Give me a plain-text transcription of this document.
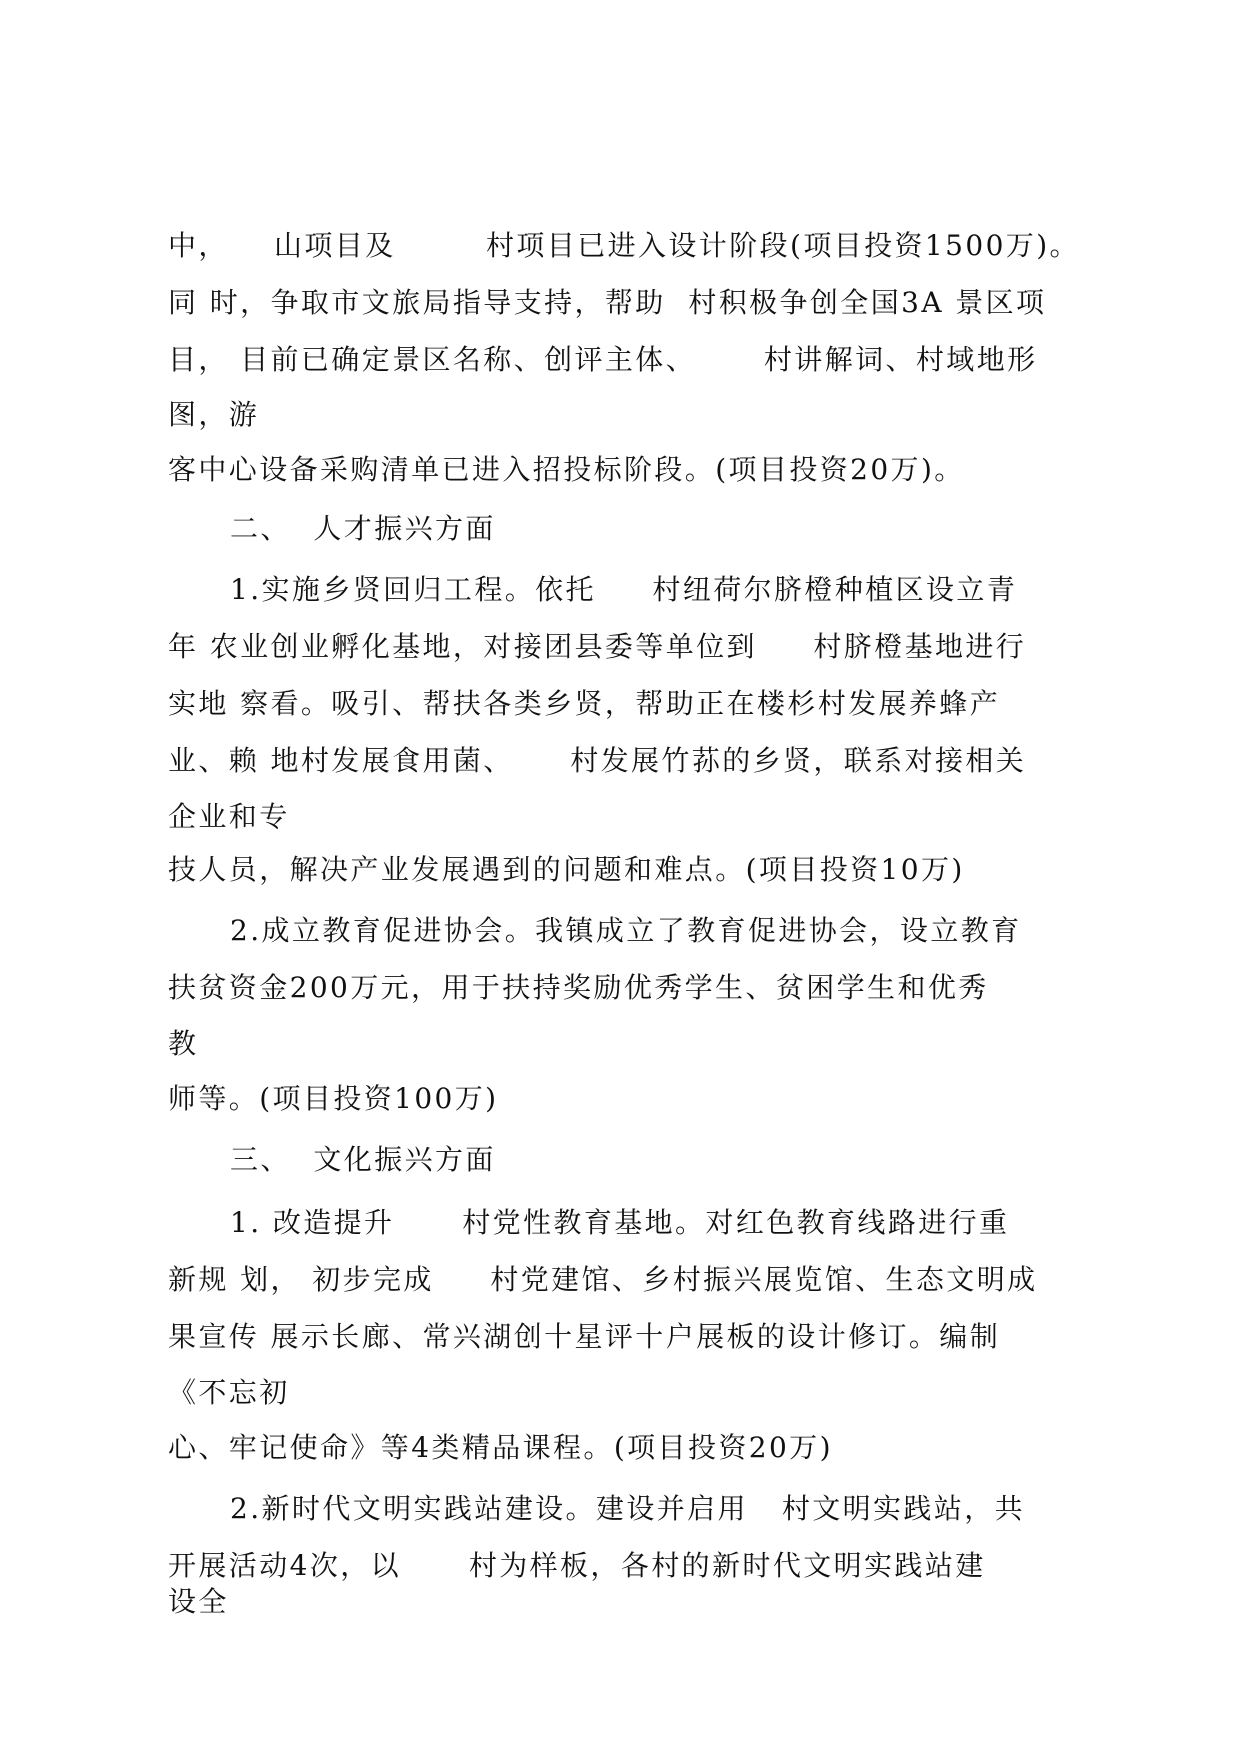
中，    山项目及        村项目已进入设计阶段(项目投资1500万)。
同 时，争取市文旅局指导支持，帮助  村积极争创全国3A 景区项
目， 目前已确定景区名称、创评主体、      村讲解词、村域地形
图，游
客中心设备采购清单已进入招投标阶段。(项目投资20万)。
二、  人才振兴方面
1.实施乡贤回归工程。依托     村纽荷尔脐橙种植区设立青
年 农业创业孵化基地，对接团县委等单位到     村脐橙基地进行
实地 察看。吸引、帮扶各类乡贤，帮助正在楼杉村发展养蜂产
业、赖 地村发展食用菌、     村发展竹荪的乡贤，联系对接相关
企业和专
技人员，解决产业发展遇到的问题和难点。(项目投资10万)
2.成立教育促进协会。我镇成立了教育促进协会，设立教育
扶贫资金200万元，用于扶持奖励优秀学生、贫困学生和优秀
教
师等。(项目投资100万)
三、  文化振兴方面
1. 改造提升      村党性教育基地。对红色教育线路进行重
新规 划， 初步完成     村党建馆、乡村振兴展览馆、生态文明成
果宣传 展示长廊、常兴湖创十星评十户展板的设计修订。编制
《不忘初
心、牢记使命》等4类精品课程。(项目投资20万)
2.新时代文明实践站建设。建设并启用   村文明实践站，共
开展活动4次，以      村为样板，各村的新时代文明实践站建
设全
